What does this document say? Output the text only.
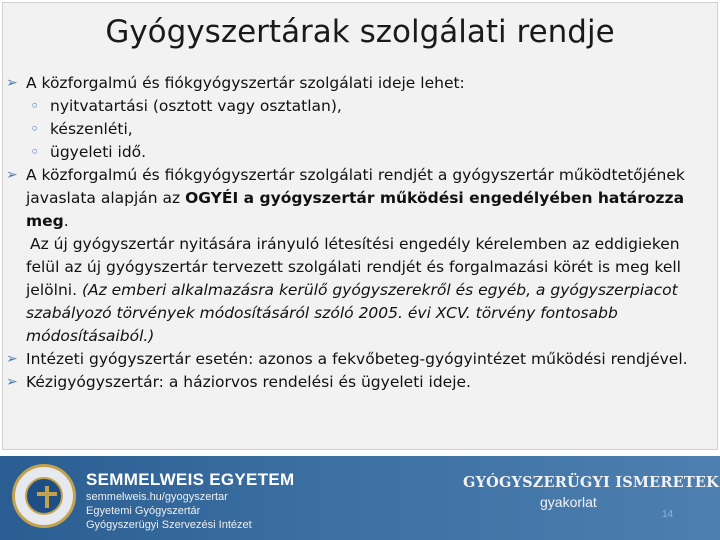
Gyógyszertárak szolgálati rendje
➢ A közforgalmú és fiókgyógyszertár szolgálati ideje lehet:
◦ nyitvatartási (osztott vagy osztatlan),
◦ készenléti,
◦ ügyeleti idő.
➢ A közforgalmú és fiókgyógyszertár szolgálati rendjét a gyógyszertár működtetőjének
javaslata alapján az OGYÉI a gyógyszertár működési engedélyében határozza meg.
Az új gyógyszertár nyitására irányuló létesítési engedély kérelemben az eddigieken
felül az új gyógyszertár tervezett szolgálati rendjét és forgalmazási körét is meg kell
jelölni. (Az emberi alkalmazásra kerülő gyógyszerekről és egyéb, a gyógyszerpiacot
szabályozó törvények módosításáról szóló 2005. évi XCV. törvény fontosabb
módosításaiból.)
➢ Intézeti gyógyszertár esetén: azonos a fekvőbeteg-gyógyintézet működési rendjével.
➢ Kézigyógyszertár: a háziorvos rendelési és ügyeleti ideje.
SEMMELWEIS EGYETEM
semmelweis.hu/gyogyszertar
Egyetemi Gyógyszertár
Gyógyszerügyi Szervezési Intézet
GYÓGYSZERÜGYI ISMERETEK
gyakorlat
14
